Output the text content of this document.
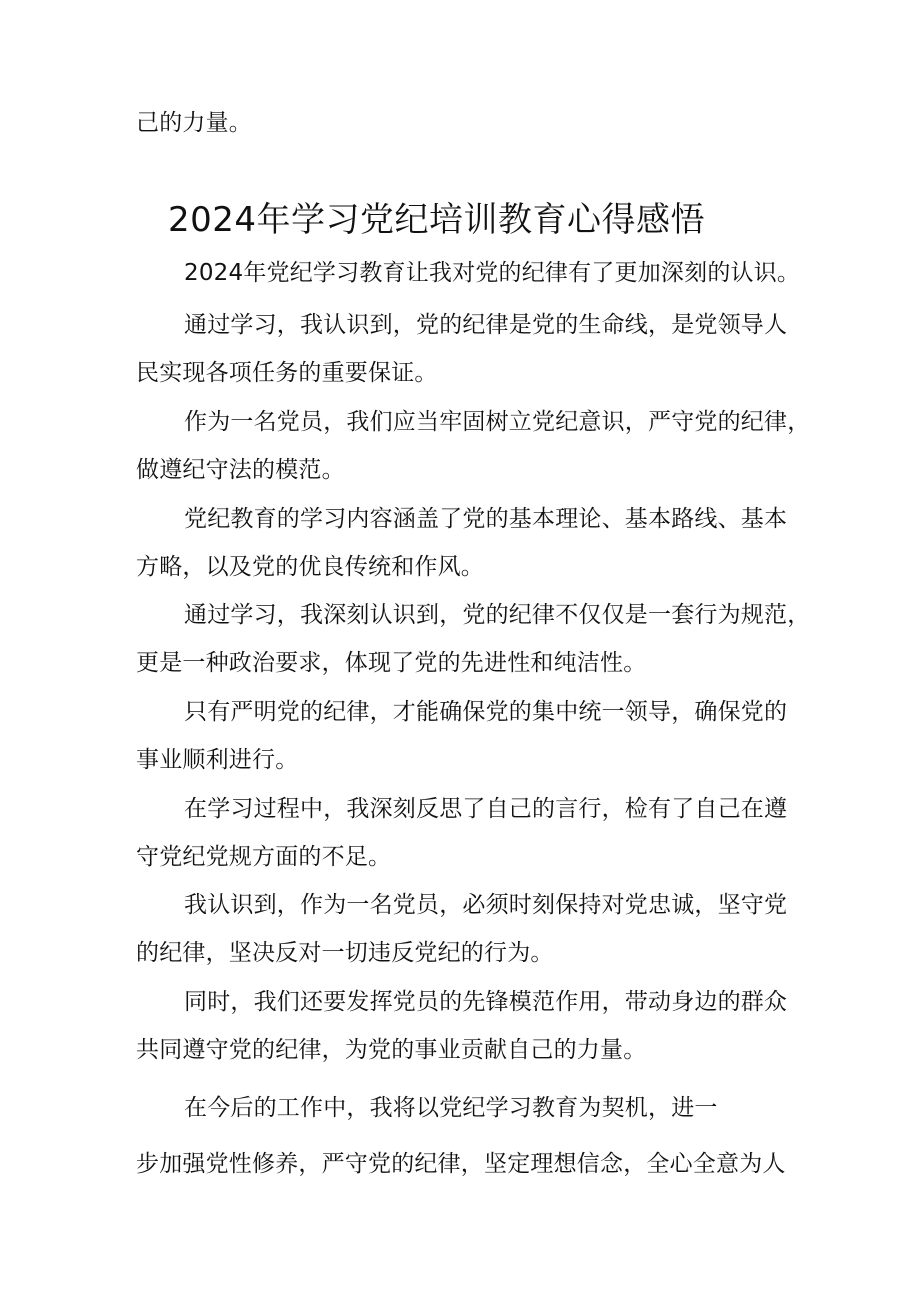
己的力量。
2024年学习党纪培训教育心得感悟
2024年党纪学习教育让我对党的纪律有了更加深刻的认识。
通过学习，我认识到，党的纪律是党的生命线，是党领导人
民实现各项任务的重要保证。
作为一名党员，我们应当牢固树立党纪意识，严守党的纪律，
做遵纪守法的模范。
党纪教育的学习内容涵盖了党的基本理论、基本路线、基本
方略，以及党的优良传统和作风。
通过学习，我深刻认识到，党的纪律不仅仅是一套行为规范，
更是一种政治要求，体现了党的先进性和纯洁性。
只有严明党的纪律，才能确保党的集中统一领导，确保党的
事业顺利进行。
在学习过程中，我深刻反思了自己的言行，检有了自己在遵
守党纪党规方面的不足。
我认识到，作为一名党员，必须时刻保持对党忠诚，坚守党
的纪律，坚决反对一切违反党纪的行为。
同时，我们还要发挥党员的先锋模范作用，带动身边的群众
共同遵守党的纪律，为党的事业贡献自己的力量。
在今后的工作中，我将以党纪学习教育为契机，进一
步加强党性修养，严守党的纪律，坚定理想信念，全心全意为人
